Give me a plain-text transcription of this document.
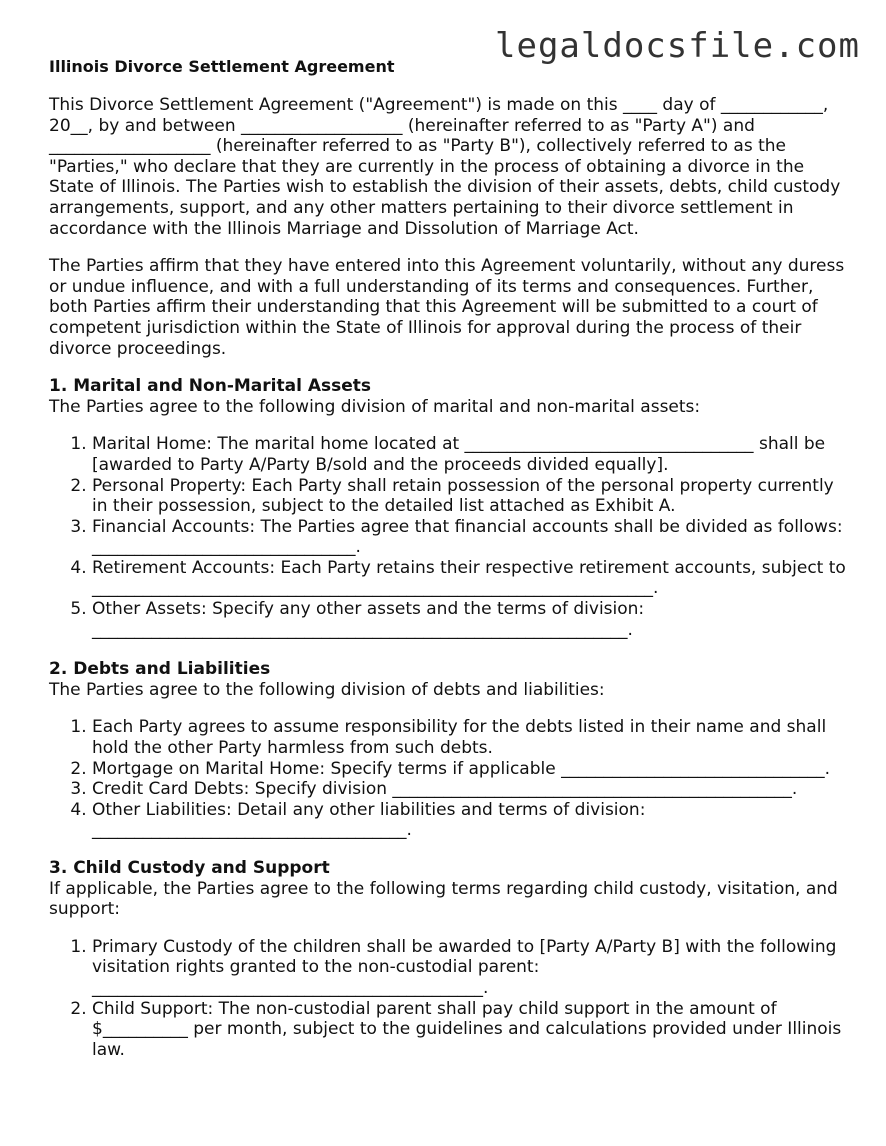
legaldocsfile.com
Illinois Divorce Settlement Agreement

This Divorce Settlement Agreement ("Agreement") is made on this ____ day of ____________, 20__, by and between ___________________ (hereinafter referred to as "Party A") and ___________________ (hereinafter referred to as "Party B"), collectively referred to as the "Parties," who declare that they are currently in the process of obtaining a divorce in the State of Illinois. The Parties wish to establish the division of their assets, debts, child custody arrangements, support, and any other matters pertaining to their divorce settlement in accordance with the Illinois Marriage and Dissolution of Marriage Act.

The Parties affirm that they have entered into this Agreement voluntarily, without any duress or undue influence, and with a full understanding of its terms and consequences. Further, both Parties affirm their understanding that this Agreement will be submitted to a court of competent jurisdiction within the State of Illinois for approval during the process of their divorce proceedings.

1. Marital and Non-Marital Assets
The Parties agree to the following division of marital and non-marital assets:
1. Marital Home: The marital home located at __________________________________ shall be [awarded to Party A/Party B/sold and the proceeds divided equally].
2. Personal Property: Each Party shall retain possession of the personal property currently in their possession, subject to the detailed list attached as Exhibit A.
3. Financial Accounts: The Parties agree that financial accounts shall be divided as follows: _______________________________.
4. Retirement Accounts: Each Party retains their respective retirement accounts, subject to __________________________________________________________________.
5. Other Assets: Specify any other assets and the terms of division: _______________________________________________________________.
2. Debts and Liabilities
The Parties agree to the following division of debts and liabilities:
1. Each Party agrees to assume responsibility for the debts listed in their name and shall hold the other Party harmless from such debts.
2. Mortgage on Marital Home: Specify terms if applicable _______________________________.
3. Credit Card Debts: Specify division _______________________________________________.
4. Other Liabilities: Detail any other liabilities and terms of division: _____________________________________.
3. Child Custody and Support
If applicable, the Parties agree to the following terms regarding child custody, visitation, and support:
1. Primary Custody of the children shall be awarded to [Party A/Party B] with the following visitation rights granted to the non-custodial parent: ______________________________________________.
2. Child Support: The non-custodial parent shall pay child support in the amount of $__________ per month, subject to the guidelines and calculations provided under Illinois law.
